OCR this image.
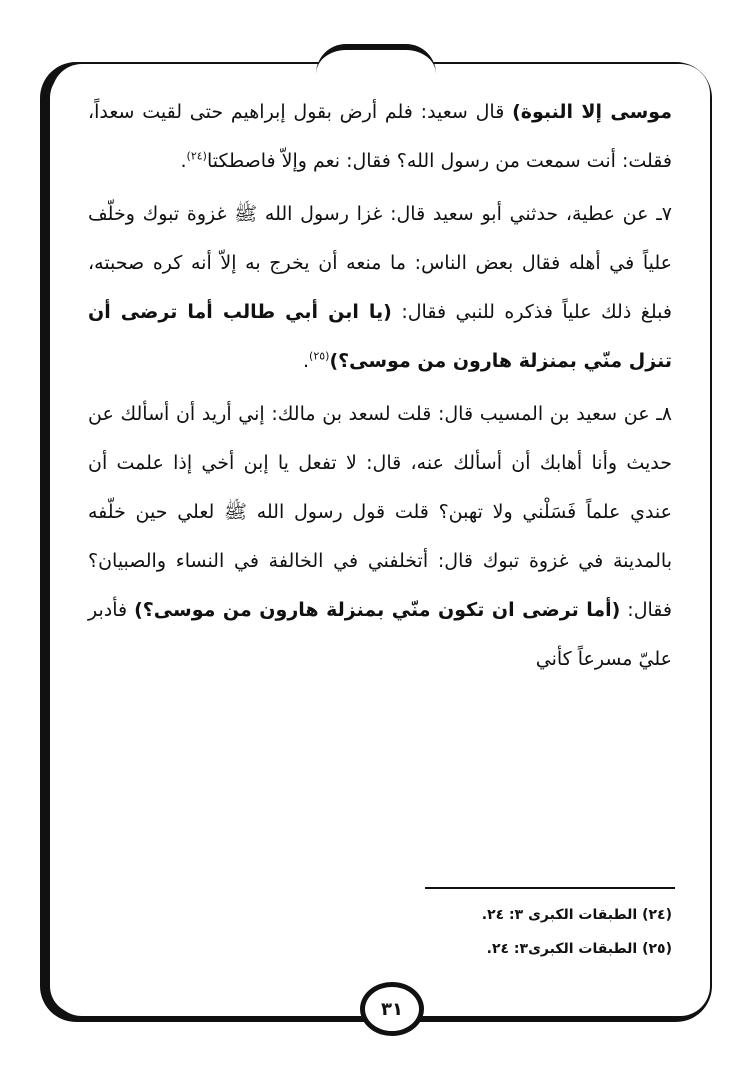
موسى إلا النبوة) قال سعيد: فلم أرض بقول إبراهيم حتى لقيت سعداً، فقلت: أنت سمعت من رسول الله؟ فقال: نعم وإلاّ فاصطكتا$^{(٢٤)}$.

٧ـ عن عطية، حدثني أبو سعيد قال: غزا رسول الله ﷺ غزوة تبوك وخلّف علياً في أهله فقال بعض الناس: ما منعه أن يخرج به إلاّ أنه كره صحبته، فبلغ ذلك علياً فذكره للنبي فقال: (يا ابن أبي طالب أما ترضى أن تنزل منّي بمنزلة هارون من موسى؟)$^{(٢٥)}$.

٨ـ عن سعيد بن المسيب قال: قلت لسعد بن مالك: إني أريد أن أسألك عن حديث وأنا أهابك أن أسألك عنه، قال: لا تفعل يا إبن أخي إذا علمت أن عندي علماً فَسَلْني ولا تهبن؟ قلت قول رسول الله ﷺ لعلي حين خلّفه بالمدينة في غزوة تبوك قال: أتخلفني في الخالفة في النساء والصبيان؟ فقال: (أما ترضى ان تكون منّي بمنزلة هارون من موسى؟) فأدبر عليّ مسرعاً كأني

(٢٤) الطبقات الكبرى ٣: ٢٤.
(٢٥) الطبقات الكبرى٣: ٢٤.
٣١
